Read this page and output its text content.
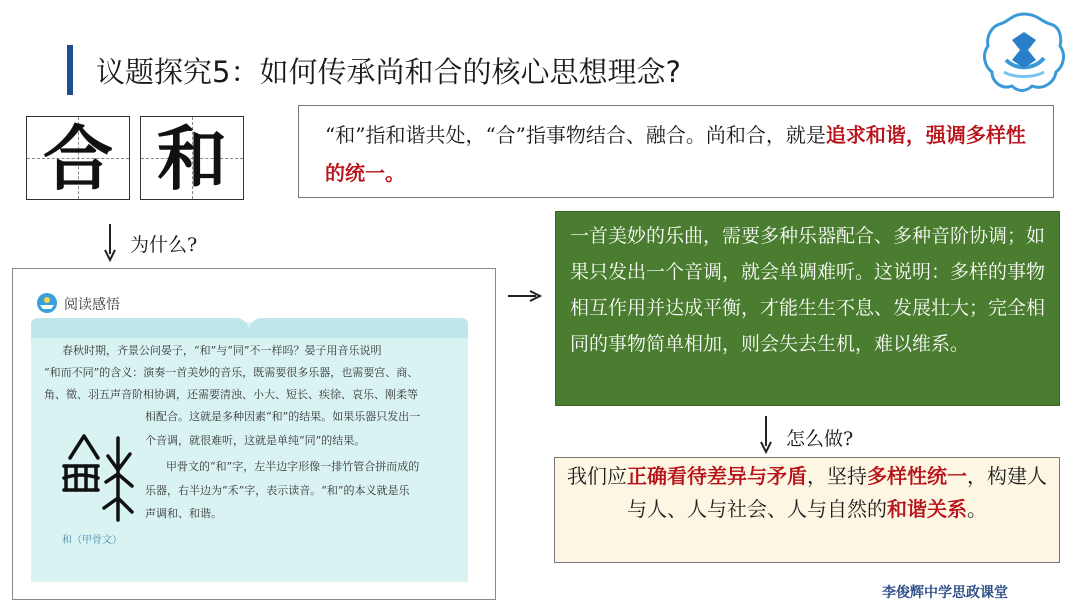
议题探究5：如何传承尚和合的核心思想理念?
合 和	“和”指和谐共处，“合”指事物结合、融合。尚和合，就是追求和谐，强调多样性的统一。
为什么?
阅读感悟
春秋时期，齐景公问晏子，“和”与“同”不一样吗？晏子用音乐说明
“和而不同”的含义：演奏一首美妙的音乐，既需要很多乐器，也需要宫、商、
角、徵、羽五声音阶相协调，还需要清浊、小大、短长、疾徐、哀乐、刚柔等
相配合。这就是多种因素“和”的结果。如果乐器只发出一
个音调，就很难听，这就是单纯“同”的结果。
甲骨文的“和”字，左半边字形像一排竹管合拼而成的
乐器，右半边为“禾”字，表示读音。“和”的本义就是乐
声调和、和谐。
和（甲骨文）
一首美妙的乐曲，需要多种乐器配合、多种音阶协调；如果只发出一个音调，就会单调难听。这说明：多样的事物相互作用并达成平衡，才能生生不息、发展壮大；完全相同的事物简单相加，则会失去生机，难以维系。
怎么做?
我们应正确看待差异与矛盾，坚持多样性统一，构建人与人、人与社会、人与自然的和谐关系。
李俊辉中学思政课堂
